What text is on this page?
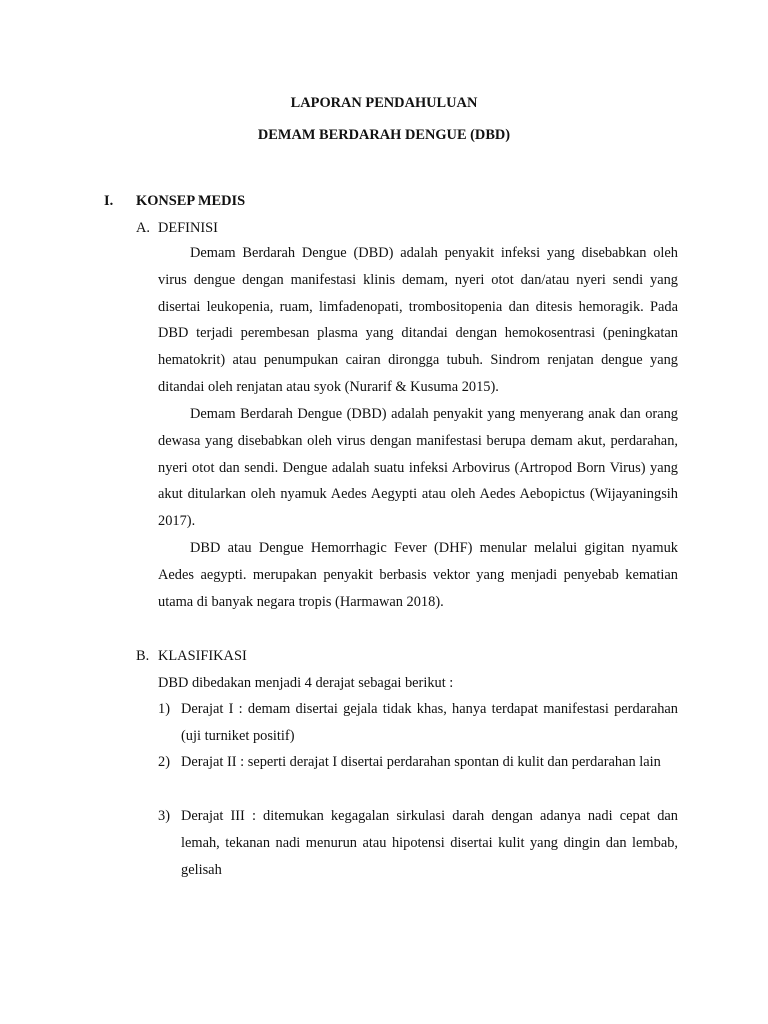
LAPORAN PENDAHULUAN
DEMAM BERDARAH DENGUE (DBD)
I. KONSEP MEDIS
A. DEFINISI

Demam Berdarah Dengue (DBD) adalah penyakit infeksi yang disebabkan oleh virus dengue dengan manifestasi klinis demam, nyeri otot dan/atau nyeri sendi yang disertai leukopenia, ruam, limfadenopati, trombositopenia dan ditesis hemoragik. Pada DBD terjadi perembesan plasma yang ditandai dengan hemokosentrasi (peningkatan hematokrit) atau penumpukan cairan dirongga tubuh. Sindrom renjatan dengue yang ditandai oleh renjatan atau syok (Nurarif & Kusuma 2015).

Demam Berdarah Dengue (DBD) adalah penyakit yang menyerang anak dan orang dewasa yang disebabkan oleh virus dengan manifestasi berupa demam akut, perdarahan, nyeri otot dan sendi. Dengue adalah suatu infeksi Arbovirus (Artropod Born Virus) yang akut ditularkan oleh nyamuk Aedes Aegypti atau oleh Aedes Aebopictus (Wijayaningsih 2017).

DBD atau Dengue Hemorrhagic Fever (DHF) menular melalui gigitan nyamuk Aedes aegypti. merupakan penyakit berbasis vektor yang menjadi penyebab kematian utama di banyak negara tropis (Harmawan 2018).

B. KLASIFIKASI

DBD dibedakan menjadi 4 derajat sebagai berikut :

1) Derajat I : demam disertai gejala tidak khas, hanya terdapat manifestasi perdarahan (uji turniket positif)

2) Derajat II : seperti derajat I disertai perdarahan spontan di kulit dan perdarahan lain

3) Derajat III : ditemukan kegagalan sirkulasi darah dengan adanya nadi cepat dan lemah, tekanan nadi menurun atau hipotensi disertai kulit yang dingin dan lembab, gelisah
